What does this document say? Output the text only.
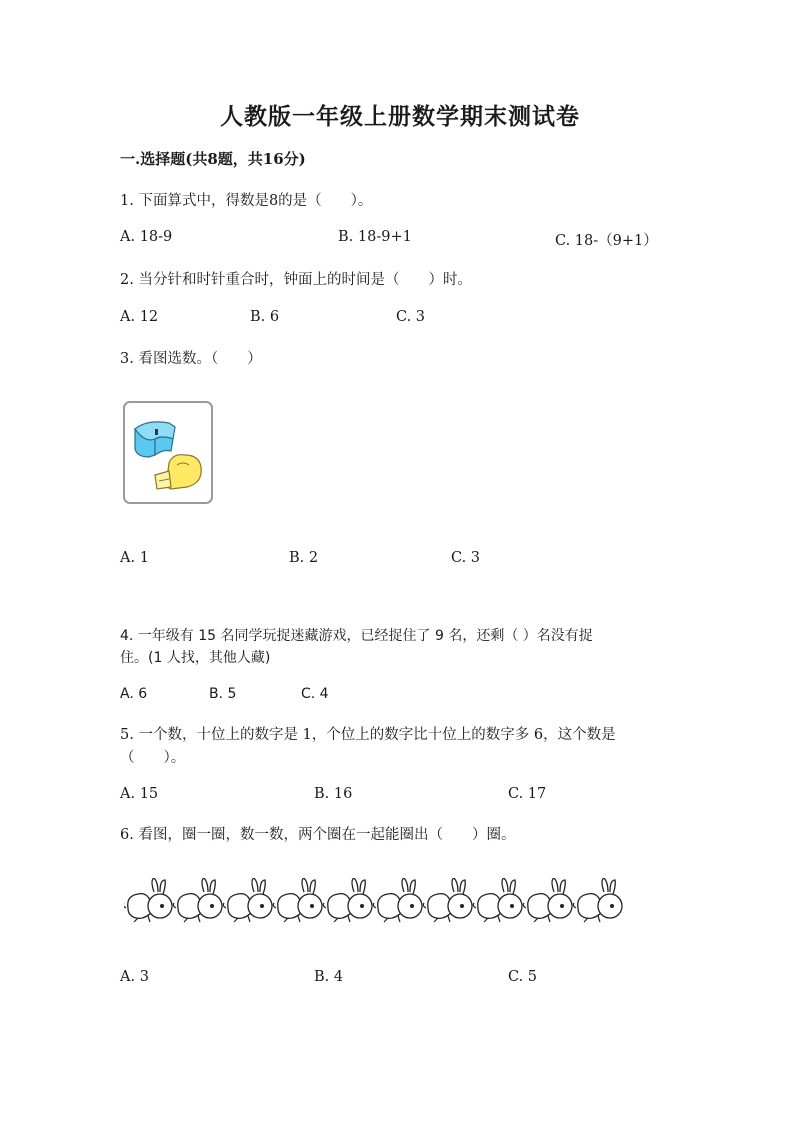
人教版一年级上册数学期末测试卷
一.选择题(共8题，共16分)
1. 下面算式中，得数是8的是（　　）。
A. 18-9	B. 18-9+1	C. 18-（9+1）
2. 当分针和时针重合时，钟面上的时间是（　　）时。
A. 12	B. 6	C. 3
3. 看图选数。（　　）
A. 1	B. 2	C. 3
4. 一年级有 15 名同学玩捉迷藏游戏，已经捉住了 9 名，还剩（ ）名没有捉
住。(1 人找，其他人藏)
A. 6	B. 5	C. 4
5. 一个数，十位上的数字是 1，个位上的数字比十位上的数字多 6，这个数是
（　　）。
A. 15	B. 16	C. 17
6. 看图，圈一圈，数一数，两个圈在一起能圈出（　　）圈。
A. 3	B. 4	C. 5
